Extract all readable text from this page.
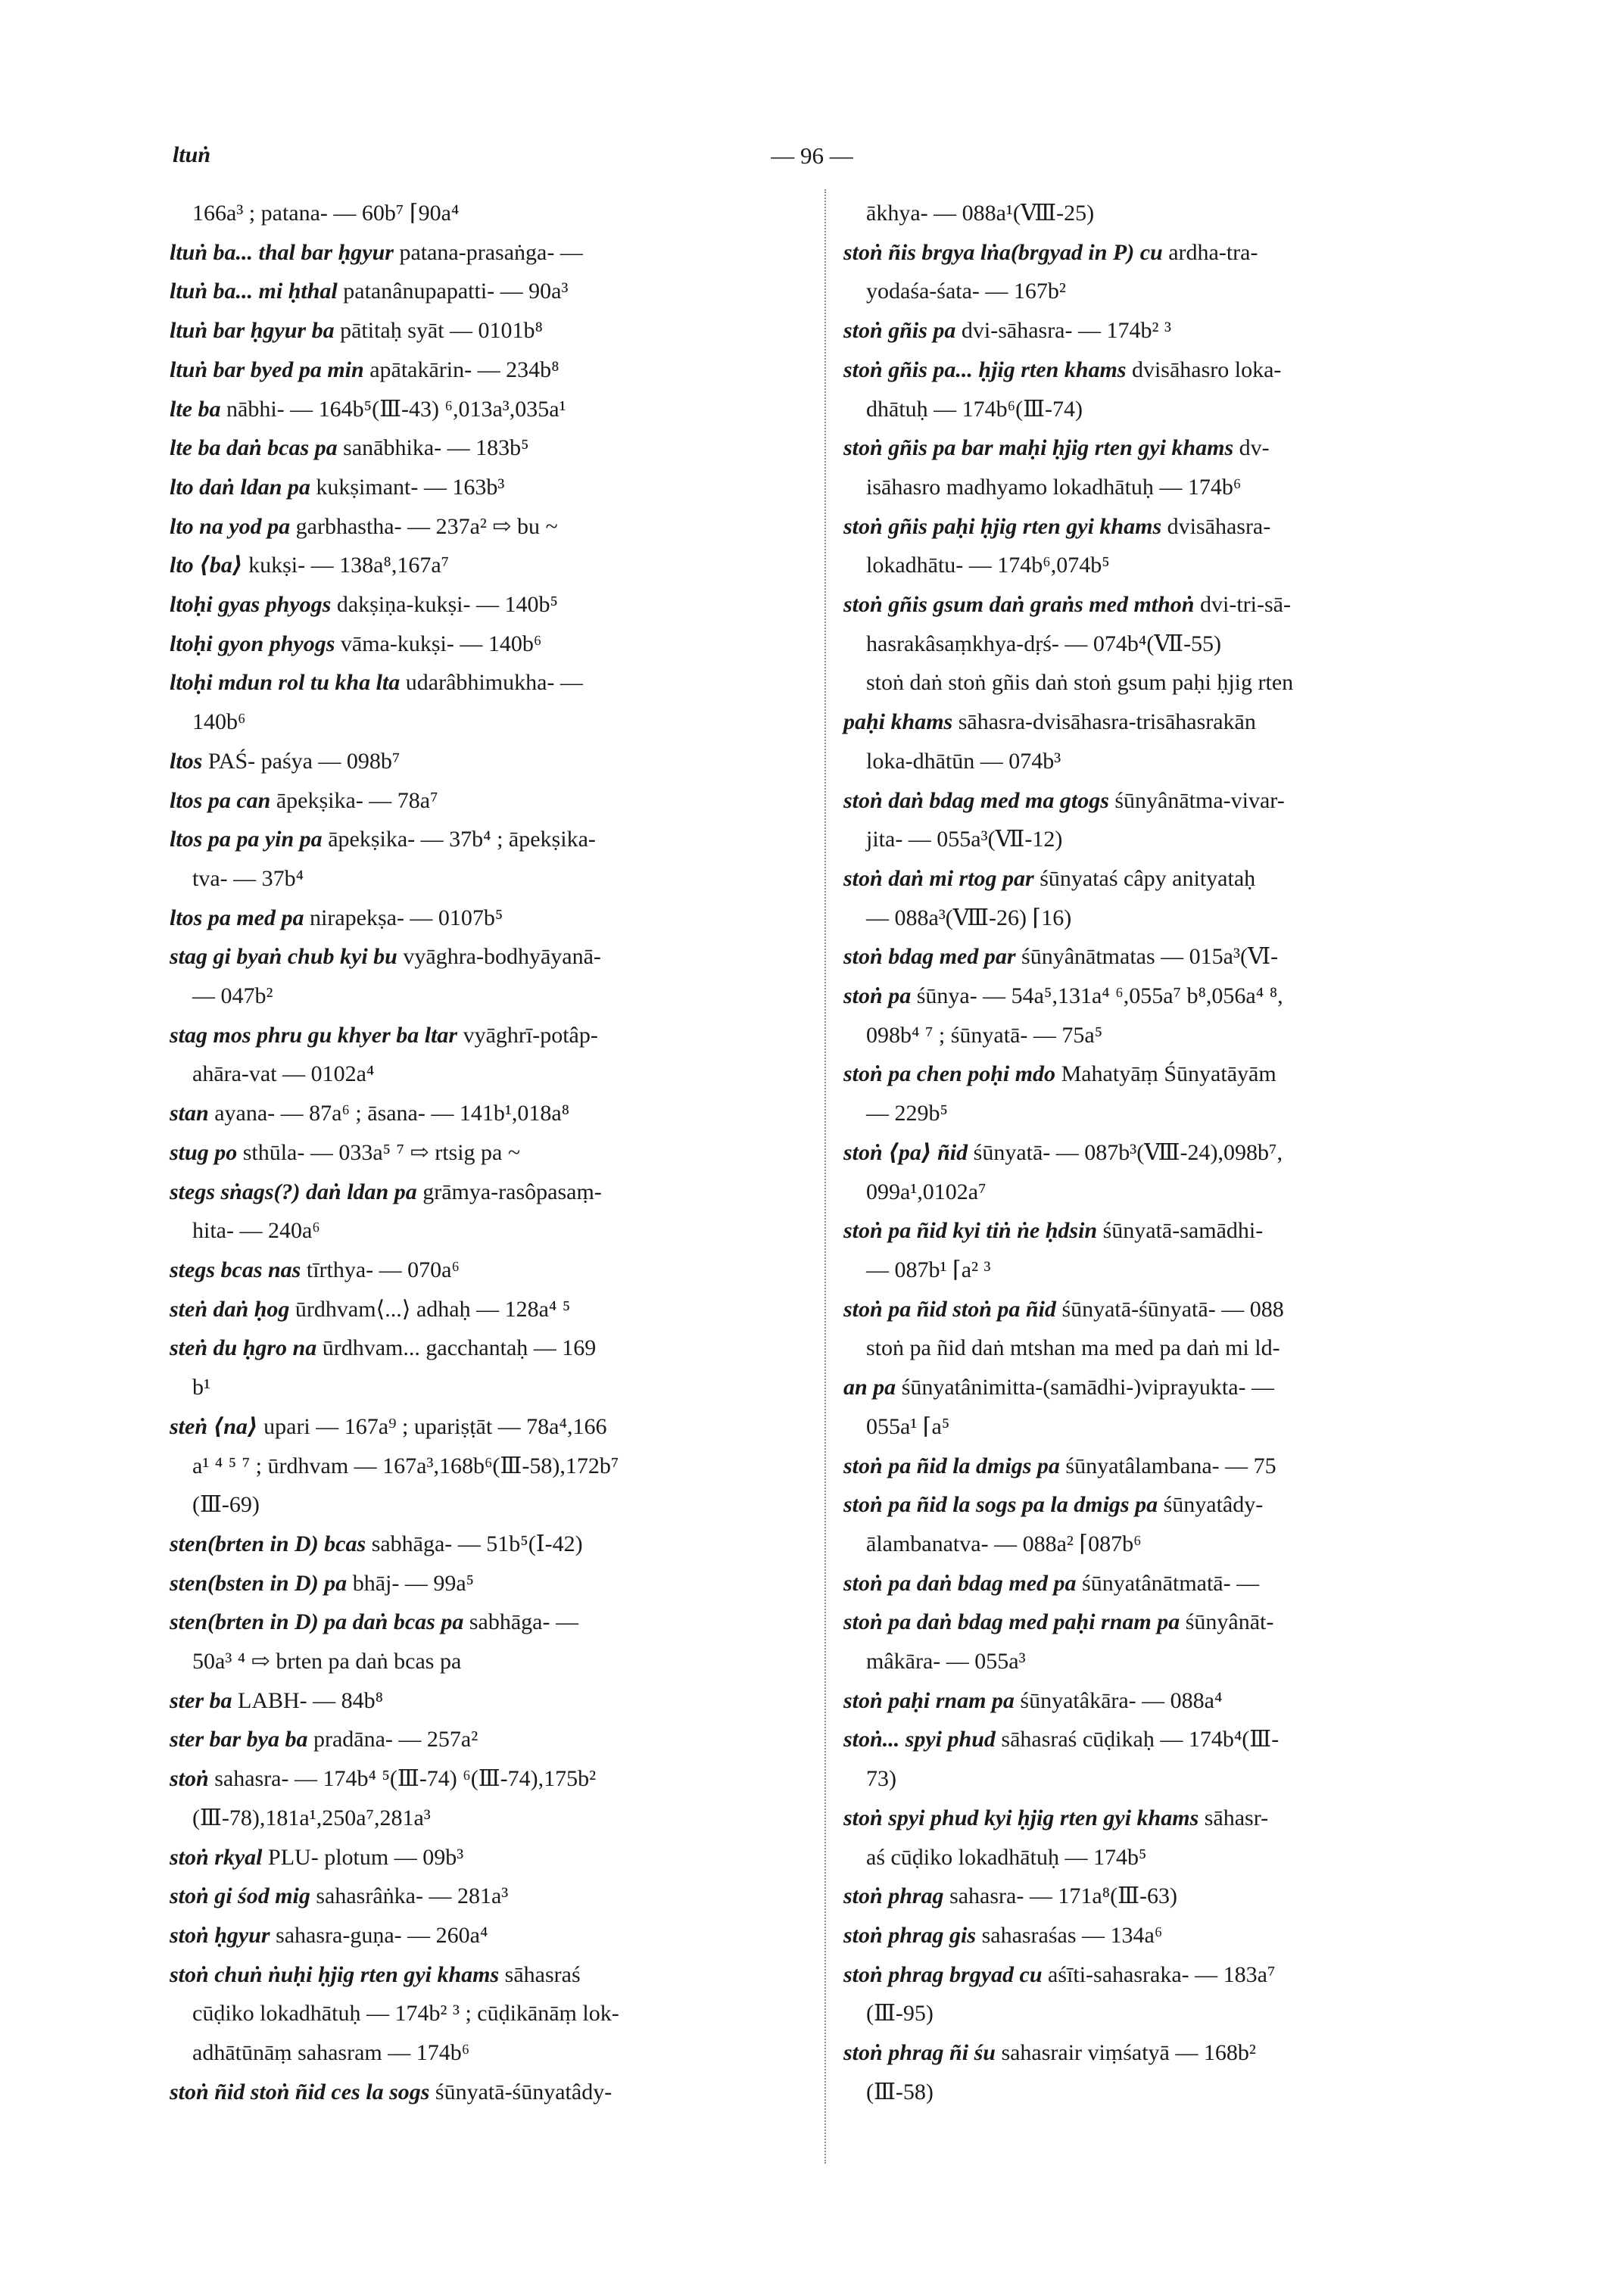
ltuṅ	— 96 —
166a³ ; patana- — 60b⁷ ⌈90a⁴
ltuṅ ba... thal bar ḥgyur patana-prasaṅga- —
ltuṅ ba... mi ḥthal patanânupapatti- — 90a³
ltuṅ bar ḥgyur ba pātitaḥ syāt — 0101b⁸
ltuṅ bar byed pa min apātakārin- — 234b⁸
lte ba nābhi- — 164b⁵(Ⅲ-43) ⁶,013a³,035a¹
lte ba daṅ bcas pa sanābhika- — 183b⁵
lto daṅ ldan pa kukṣimant- — 163b³
lto na yod pa garbhastha- — 237a² ⇨ bu ~
lto ⟨ba⟩ kukṣi- — 138a⁸,167a⁷
ltoḥi gyas phyogs dakṣiṇa-kukṣi- — 140b⁵
ltoḥi gyon phyogs vāma-kukṣi- — 140b⁶
ltoḥi mdun rol tu kha lta udarâbhimukha- —
140b⁶
ltos PAŚ- paśya — 098b⁷
ltos pa can āpekṣika- — 78a⁷
ltos pa pa yin pa āpekṣika- — 37b⁴ ; āpekṣika-
tva- — 37b⁴
ltos pa med pa nirapekṣa- — 0107b⁵
stag gi byaṅ chub kyi bu vyāghra-bodhyāyanā-
— 047b²
stag mos phru gu khyer ba ltar vyāghrī-potâp-
ahāra-vat — 0102a⁴
stan ayana- — 87a⁶ ; āsana- — 141b¹,018a⁸
stug po sthūla- — 033a⁵ ⁷ ⇨ rtsig pa ~
stegs sṅags(?) daṅ ldan pa grāmya-rasôpasaṃ-
hita- — 240a⁶
stegs bcas nas tīrthya- — 070a⁶
steṅ daṅ ḥog ūrdhvam⟨...⟩ adhaḥ — 128a⁴ ⁵
steṅ du ḥgro na ūrdhvam... gacchantaḥ — 169
b¹
steṅ ⟨na⟩ upari — 167a⁹ ; upariṣṭāt — 78a⁴,166
a¹ ⁴ ⁵ ⁷ ; ūrdhvam — 167a³,168b⁶(Ⅲ-58),172b⁷
(Ⅲ-69)
sten(brten in D) bcas sabhāga- — 51b⁵(Ⅰ-42)
sten(bsten in D) pa bhāj- — 99a⁵
sten(brten in D) pa daṅ bcas pa sabhāga- —
50a³ ⁴ ⇨ brten pa daṅ bcas pa
ster ba LABH- — 84b⁸
ster bar bya ba pradāna- — 257a²
stoṅ sahasra- — 174b⁴ ⁵(Ⅲ-74) ⁶(Ⅲ-74),175b²
(Ⅲ-78),181a¹,250a⁷,281a³
stoṅ rkyal PLU- plotum — 09b³
stoṅ gi śod mig sahasrâṅka- — 281a³
stoṅ ḥgyur sahasra-guṇa- — 260a⁴
stoṅ chuṅ ṅuḥi ḥjig rten gyi khams sāhasraś
cūḍiko lokadhātuḥ — 174b² ³ ; cūḍikānāṃ lok-
adhātūnāṃ sahasram — 174b⁶
stoṅ ñid stoṅ ñid ces la sogs śūnyatā-śūnyatâdy-
ākhya- — 088a¹(Ⅷ-25)
stoṅ ñis brgya lṅa(brgyad in P) cu ardha-tra-
yodaśa-śata- — 167b²
stoṅ gñis pa dvi-sāhasra- — 174b² ³
stoṅ gñis pa... ḥjig rten khams dvisāhasro loka-
dhātuḥ — 174b⁶(Ⅲ-74)
stoṅ gñis pa bar maḥi ḥjig rten gyi khams dv-
isāhasro madhyamo lokadhātuḥ — 174b⁶
stoṅ gñis paḥi ḥjig rten gyi khams dvisāhasra-
lokadhātu- — 174b⁶,074b⁵
stoṅ gñis gsum daṅ graṅs med mthoṅ dvi-tri-sā-
hasrakâsaṃkhya-dṛś- — 074b⁴(Ⅶ-55)
stoṅ daṅ stoṅ gñis daṅ stoṅ gsum paḥi ḥjig rten
paḥi khams sāhasra-dvisāhasra-trisāhasrakān
loka-dhātūn — 074b³
stoṅ daṅ bdag med ma gtogs śūnyânātma-vivar-
jita- — 055a³(Ⅶ-12)
stoṅ daṅ mi rtog par śūnyataś câpy anityataḥ
— 088a³(Ⅷ-26) ⌈16)
stoṅ bdag med par śūnyânātmatas — 015a³(Ⅵ-
stoṅ pa śūnya- — 54a⁵,131a⁴ ⁶,055a⁷ b⁸,056a⁴ ⁸,
098b⁴ ⁷ ; śūnyatā- — 75a⁵
stoṅ pa chen poḥi mdo Mahatyāṃ Śūnyatāyām
— 229b⁵
stoṅ ⟨pa⟩ ñid śūnyatā- — 087b³(Ⅷ-24),098b⁷,
099a¹,0102a⁷
stoṅ pa ñid kyi tiṅ ṅe ḥdsin śūnyatā-samādhi-
— 087b¹ ⌈a² ³
stoṅ pa ñid stoṅ pa ñid śūnyatā-śūnyatā- — 088
stoṅ pa ñid daṅ mtshan ma med pa daṅ mi ld-
an pa śūnyatânimitta-(samādhi-)viprayukta- —
055a¹ ⌈a⁵
stoṅ pa ñid la dmigs pa śūnyatâlambana- — 75
stoṅ pa ñid la sogs pa la dmigs pa śūnyatâdy-
ālambanatva- — 088a² ⌈087b⁶
stoṅ pa daṅ bdag med pa śūnyatânātmatā- —
stoṅ pa daṅ bdag med paḥi rnam pa śūnyânāt-
mâkāra- — 055a³
stoṅ paḥi rnam pa śūnyatâkāra- — 088a⁴
stoṅ... spyi phud sāhasraś cūḍikaḥ — 174b⁴(Ⅲ-
73)
stoṅ spyi phud kyi ḥjig rten gyi khams sāhasr-
aś cūḍiko lokadhātuḥ — 174b⁵
stoṅ phrag sahasra- — 171a⁸(Ⅲ-63)
stoṅ phrag gis sahasraśas — 134a⁶
stoṅ phrag brgyad cu aśīti-sahasraka- — 183a⁷
(Ⅲ-95)
stoṅ phrag ñi śu sahasrair viṃśatyā — 168b²
(Ⅲ-58)
